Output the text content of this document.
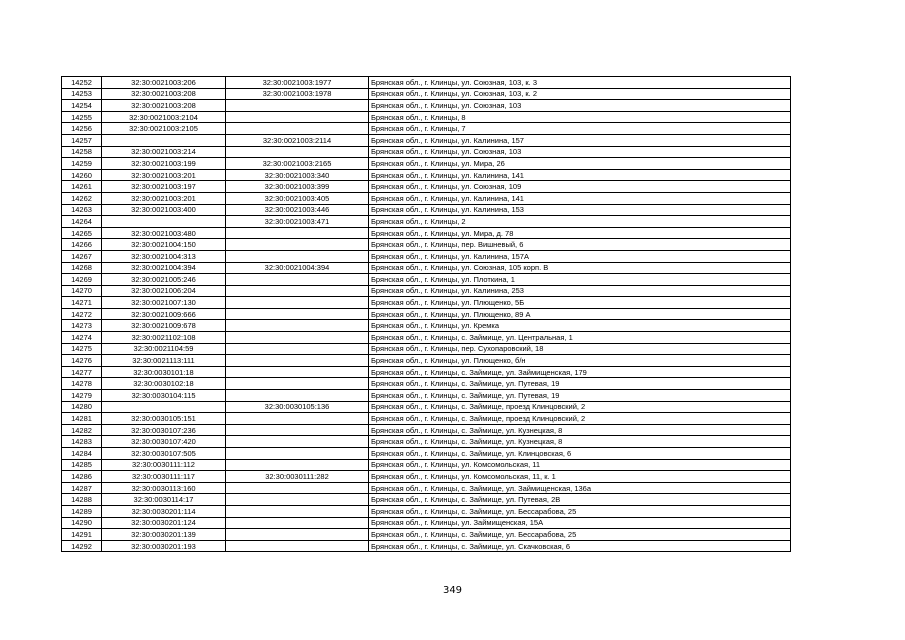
14252	32:30:0021003:206	32:30:0021003:1977	Брянская обл., г. Клинцы, ул. Союзная, 103, к. 3
14253	32:30:0021003:208	32:30:0021003:1978	Брянская обл., г. Клинцы, ул. Союзная, 103, к. 2
14254	32:30:0021003:208		Брянская обл., г. Клинцы, ул. Союзная, 103
14255	32:30:0021003:2104		Брянская обл., г. Клинцы, 8
14256	32:30:0021003:2105		Брянская обл., г. Клинцы, 7
14257		32:30:0021003:2114	Брянская обл., г. Клинцы, ул. Калинина, 157
14258	32:30:0021003:214		Брянская обл., г. Клинцы, ул. Союзная, 103
14259	32:30:0021003:199	32:30:0021003:2165	Брянская обл., г. Клинцы, ул. Мира, 26
14260	32:30:0021003:201	32:30:0021003:340	Брянская обл., г. Клинцы, ул. Калинина, 141
14261	32:30:0021003:197	32:30:0021003:399	Брянская обл., г. Клинцы, ул. Союзная, 109
14262	32:30:0021003:201	32:30:0021003:405	Брянская обл., г. Клинцы, ул. Калинина, 141
14263	32:30:0021003:400	32:30:0021003:446	Брянская обл., г. Клинцы, ул. Калинина, 153
14264		32:30:0021003:471	Брянская обл., г. Клинцы, 2
14265	32:30:0021003:480		Брянская обл., г. Клинцы, ул. Мира, д. 78
14266	32:30:0021004:150		Брянская обл., г. Клинцы, пер. Вишневый, 6
14267	32:30:0021004:313		Брянская обл., г. Клинцы, ул. Калинина, 157А
14268	32:30:0021004:394	32:30:0021004:394	Брянская обл., г. Клинцы, ул. Союзная, 105 корп. В
14269	32:30:0021005:246		Брянская обл., г. Клинцы, ул. Плоткина, 1
14270	32:30:0021006:204		Брянская обл., г. Клинцы, ул. Калинина, 253
14271	32:30:0021007:130		Брянская обл., г. Клинцы, ул. Плющенко, 5Б
14272	32:30:0021009:666		Брянская обл., г. Клинцы, ул. Плющенко, 89 А
14273	32:30:0021009:678		Брянская обл., г. Клинцы, ул. Кремка
14274	32:30:0021102:108		Брянская обл., г. Клинцы, с. Займище, ул. Центральная, 1
14275	32:30:0021104:59		Брянская обл., г. Клинцы, пер. Сухопаровский, 18
14276	32:30:0021113:111		Брянская обл., г. Клинцы, ул. Плющенко, б/н
14277	32:30:0030101:18		Брянская обл., г. Клинцы, с. Займище, ул. Займищенская, 179
14278	32:30:0030102:18		Брянская обл., г. Клинцы, с. Займище, ул. Путевая, 19
14279	32:30:0030104:115		Брянская обл., г. Клинцы, с. Займище, ул. Путевая, 19
14280		32:30:0030105:136	Брянская обл., г. Клинцы, с. Займище, проезд Клинцовский, 2
14281	32:30:0030105:151		Брянская обл., г. Клинцы, с. Займище, проезд Клинцовский, 2
14282	32:30:0030107:236		Брянская обл., г. Клинцы, с. Займище, ул. Кузнецкая, 8
14283	32:30:0030107:420		Брянская обл., г. Клинцы, с. Займище, ул. Кузнецкая, 8
14284	32:30:0030107:505		Брянская обл., г. Клинцы, с. Займище, ул. Клинцовская, 6
14285	32:30:0030111:112		Брянская обл., г. Клинцы, ул. Комсомольская, 11
14286	32:30:0030111:117	32:30:0030111:282	Брянская обл., г. Клинцы, ул. Комсомольская, 11, к. 1
14287	32:30:0030113:160		Брянская обл., г. Клинцы, с. Займище, ул. Займищенская, 136а
14288	32:30:0030114:17		Брянская обл., г. Клинцы, с. Займище, ул. Путевая, 2В
14289	32:30:0030201:114		Брянская обл., г. Клинцы, с. Займище, ул. Бессарабова, 25
14290	32:30:0030201:124		Брянская обл., г. Клинцы, ул. Займищенская, 15А
14291	32:30:0030201:139		Брянская обл., г. Клинцы, с. Займище, ул. Бессарабова, 25
14292	32:30:0030201:193		Брянская обл., г. Клинцы, с. Займище, ул. Скачковская, 6
349
